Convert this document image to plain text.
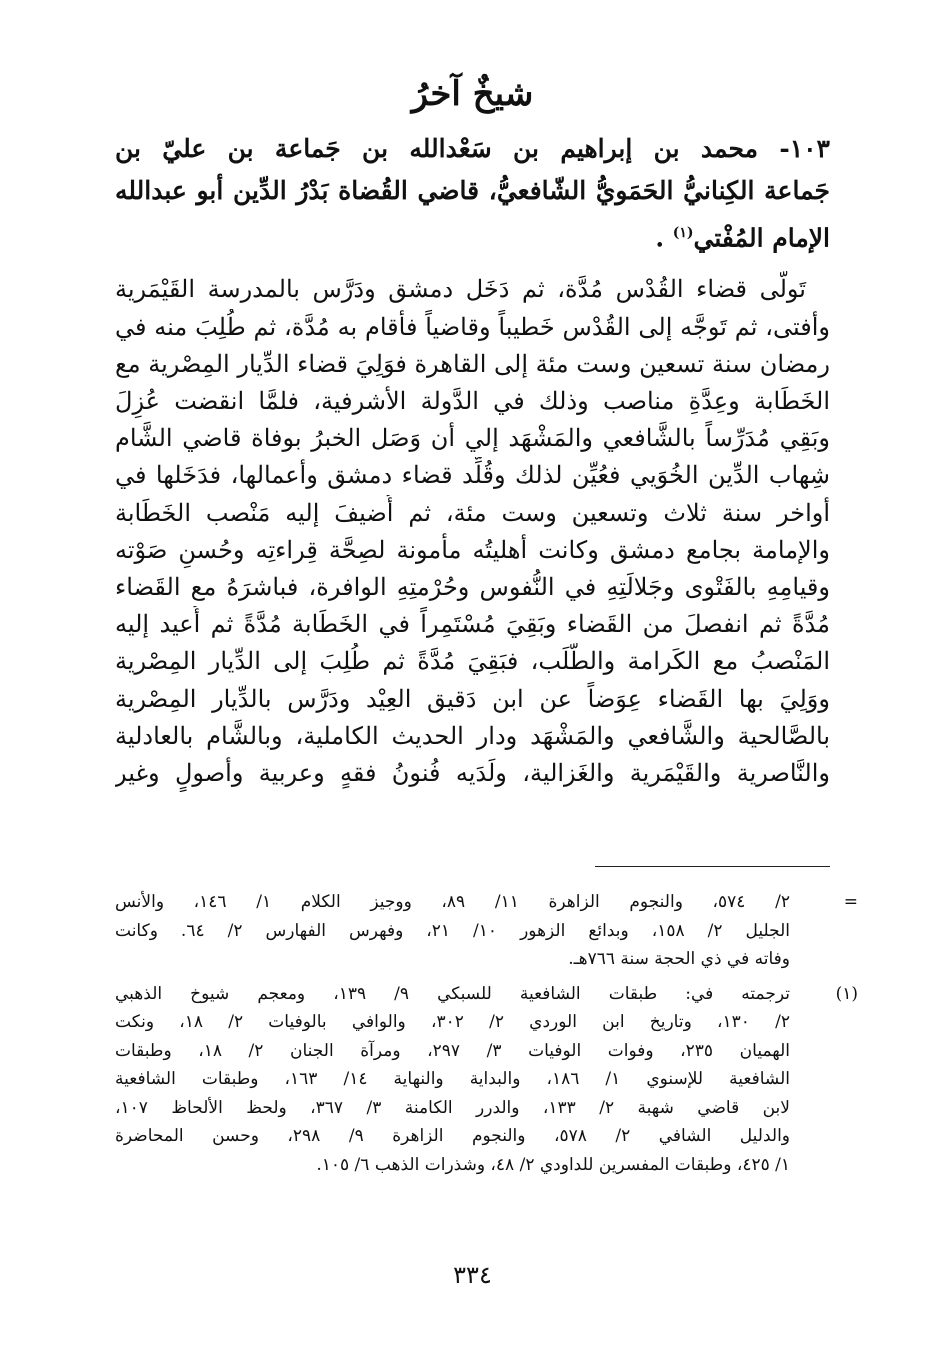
شيخٌ آخرُ
١٠٣- محمد بن إبراهيم بن سَعْدالله بن جَماعة بن عليّ بن
جَماعة الكِنانيُّ الحَمَويُّ الشّافعيُّ، قاضي القُضاة بَدْرُ الدِّين أبو عبدالله
الإمام المُفْتي$^{(١)}$ .
تَولَّى قضاء القُدْس مُدَّة، ثم دَخَل دمشق ودَرَّس بالمدرسة القَيْمَرية
وأفتى، ثم تَوجَّه إلى القُدْس خَطيباً وقاضياً فأقام به مُدَّة، ثم طُلِبَ منه في
رمضان سنة تسعين وست مئة إلى القاهرة فوَلِيَ قضاء الدِّيار المِصْرية مع
الخَطَابة وعِدَّةِ مناصب وذلك في الدَّولة الأشرفية، فلمَّا انقضت عُزِلَ
وبَقِي مُدَرِّساً بالشَّافعي والمَشْهَد إلي أن وَصَل الخبرُ بوفاة قاضي الشَّام
شِهاب الدِّين الخُوَيي فعُيِّن لذلك وقُلِّد قضاء دمشق وأعمالها، فدَخَلها في
أواخر سنة ثلاث وتسعين وست مئة، ثم أُضيفَ إليه مَنْصب الخَطَابة
والإمامة بجامع دمشق وكانت أهليتُه مأمونة لصِحَّة قِراءتِه وحُسنِ صَوْته
وقيامِهِ بالفَتْوى وجَلالَتِهِ في النُّفوس وحُرْمتِهِ الوافرة، فباشرَهُ مع القَضاء
مُدَّةً ثم انفصلَ من القَضاء وبَقِيَ مُسْتَمِراً في الخَطَابة مُدَّةً ثم أُعيد إليه
المَنْصبُ مع الكَرامة والطَّلَب، فبَقِيَ مُدَّةً ثم طُلِبَ إلى الدِّيار المِصْرية
ووَلِيَ بها القَضاء عِوَضاً عن ابن دَقيق العِيْد ودَرَّس بالدِّيار المِصْرية
بالصَّالحية والشَّافعي والمَشْهَد ودار الحديث الكاملية، وبالشَّام بالعادلية
والنَّاصرية والقَيْمَرية والغَزالية، ولَدَيه فُنونُ فقهٍ وعربية وأصولٍ وغير
=
٢/ ٥٧٤، والنجوم الزاهرة ١١/ ٨٩، ووجيز الكلام ١/ ١٤٦، والأنس
الجليل ٢/ ١٥٨، وبدائع الزهور ١٠/ ٢١، وفهرس الفهارس ٢/ ٦٤. وكانت
وفاته في ذي الحجة سنة ٧٦٦هـ.
(١)
ترجمته في: طبقات الشافعية للسبكي ٩/ ١٣٩، ومعجم شيوخ الذهبي
٢/ ١٣٠، وتاريخ ابن الوردي ٢/ ٣٠٢، والوافي بالوفيات ٢/ ١٨، ونكت
الهميان ٢٣٥، وفوات الوفيات ٣/ ٢٩٧، ومرآة الجنان ٢/ ١٨، وطبقات
الشافعية للإسنوي ١/ ١٨٦، والبداية والنهاية ١٤/ ١٦٣، وطبقات الشافعية
لابن قاضي شهبة ٢/ ١٣٣، والدرر الكامنة ٣/ ٣٦٧، ولحظ الألحاظ ١٠٧،
والدليل الشافي ٢/ ٥٧٨، والنجوم الزاهرة ٩/ ٢٩٨، وحسن المحاضرة
١/ ٤٢٥، وطبقات المفسرين للداودي ٢/ ٤٨، وشذرات الذهب ٦/ ١٠٥.
٣٣٤
